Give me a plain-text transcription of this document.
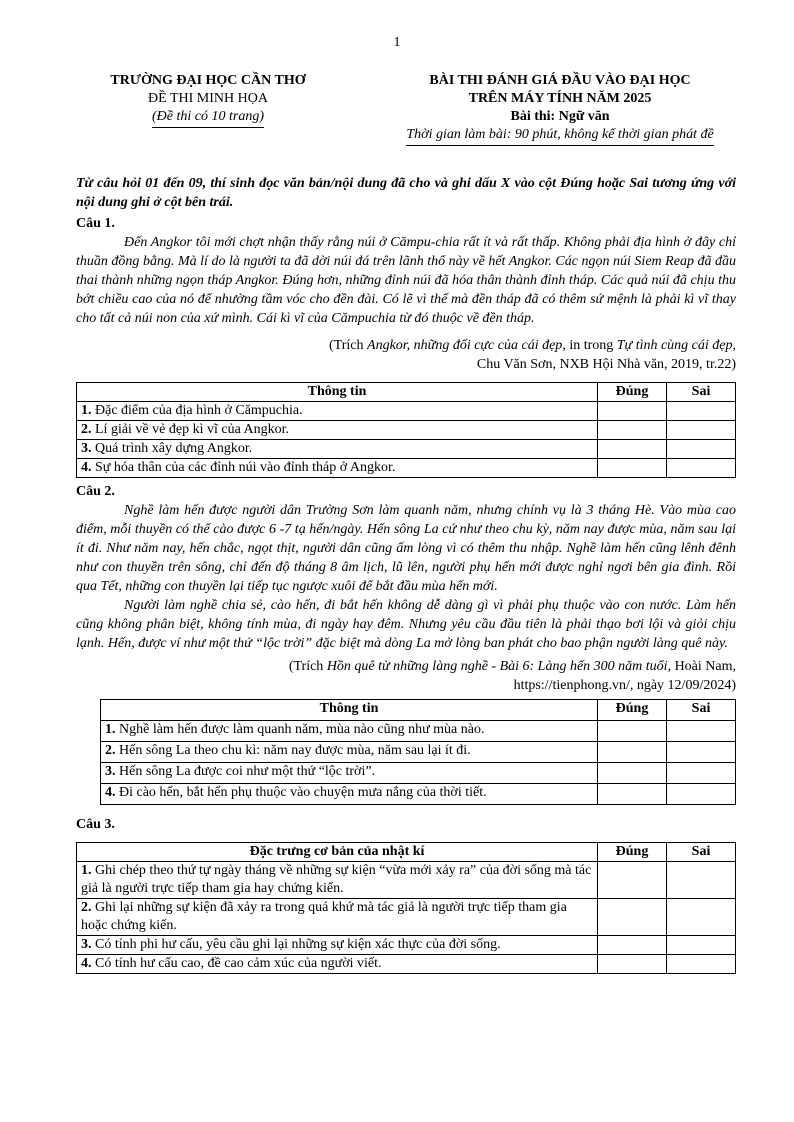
1
TRƯỜNG ĐẠI HỌC CẦN THƠ
ĐỀ THI MINH HỌA
(Đề thi có 10 trang)
BÀI THI ĐÁNH GIÁ ĐẦU VÀO ĐẠI HỌC
TRÊN MÁY TÍNH NĂM 2025
Bài thi: Ngữ văn
Thời gian làm bài: 90 phút, không kể thời gian phát đề

Từ câu hỏi 01 đến 09, thí sinh đọc văn bản/nội dung đã cho và ghi dấu X vào cột Đúng hoặc Sai tương ứng với nội dung ghi ở cột bên trái.

Câu 1.

Đến Angkor tôi mới chợt nhận thấy rằng núi ở Cămpu-chia rất ít và rất thấp. Không phải địa hình ở đây chỉ thuần đồng bằng. Mà lí do là người ta đã dời núi đá trên lãnh thổ này về hết Angkor. Các ngọn núi Siem Reap đã đầu thai thành những ngọn tháp Angkor. Đúng hơn, những đỉnh núi đã hóa thân thành đỉnh tháp. Các quả núi đã chịu thu bớt chiều cao của nó để nhường tầm vóc cho đền đài. Có lẽ vì thế mà đền tháp đã có thêm sứ mệnh là phải kì vĩ thay cho tất cả núi non của xứ mình. Cái kì vĩ của Cămpuchia từ đó thuộc về đền tháp.

(Trích Angkor, những đối cực của cái đẹp, in trong Tự tình cùng cái đẹp,

Chu Văn Sơn, NXB Hội Nhà văn, 2019, tr.22)

Thông tin	Đúng	Sai
1. Đặc điểm của địa hình ở Cămpuchia.		
2. Lí giải về vẻ đẹp kì vĩ của Angkor.		
3. Quá trình xây dựng Angkor.		
4. Sự hóa thân của các đỉnh núi vào đỉnh tháp ở Angkor.		

Câu 2.

Nghề làm hến được người dân Trường Sơn làm quanh năm, nhưng chính vụ là 3 tháng Hè. Vào mùa cao điểm, mỗi thuyền có thể cào được 6 -7 tạ hến/ngày. Hến sông La cứ như theo chu kỳ, năm nay được mùa, năm sau lại ít đi. Như năm nay, hến chắc, ngọt thịt, người dân cũng ấm lòng vì có thêm thu nhập. Nghề làm hến cũng lênh đênh như con thuyền trên sông, chỉ đến độ tháng 8 âm lịch, lũ lên, người phụ hến mới được nghỉ ngơi bên gia đình. Rồi qua Tết, những con thuyền lại tiếp tục ngược xuôi để bắt đầu mùa hến mới.

Người làm nghề chia sẻ, cào hến, đi bắt hến không dễ dàng gì vì phải phụ thuộc vào con nước. Làm hến cũng không phân biệt, không tính mùa, đi ngày hay đêm. Nhưng yêu cầu đầu tiên là phải thạo bơi lội và giỏi chịu lạnh. Hến, được ví như một thứ “lộc trời” đặc biệt mà dòng La mở lòng ban phát cho bao phận người làng quê này.

(Trích Hồn quê từ những làng nghề - Bài 6: Làng hến 300 năm tuổi, Hoài Nam,

https://tienphong.vn/, ngày 12/09/2024)

Thông tin	Đúng	Sai
1. Nghề làm hến được làm quanh năm, mùa nào cũng như mùa nào.		
2. Hến sông La theo chu kì: năm nay được mùa, năm sau lại ít đi.		
3. Hến sông La được coi như một thứ “lộc trời”.		
4. Đi cào hến, bắt hến phụ thuộc vào chuyện mưa nắng của thời tiết.		

Câu 3.

Đặc trưng cơ bản của nhật kí	Đúng	Sai
1. Ghi chép theo thứ tự ngày tháng về những sự kiện “vừa mới xảy ra” của đời sống mà tác giả là người trực tiếp tham gia hay chứng kiến.		
2. Ghi lại những sự kiện đã xảy ra trong quá khứ mà tác giả là người trực tiếp tham gia hoặc chứng kiến.		
3. Có tính phi hư cấu, yêu cầu ghi lại những sự kiện xác thực của đời sống.		
4. Có tính hư cấu cao, đề cao cảm xúc của người viết.		
